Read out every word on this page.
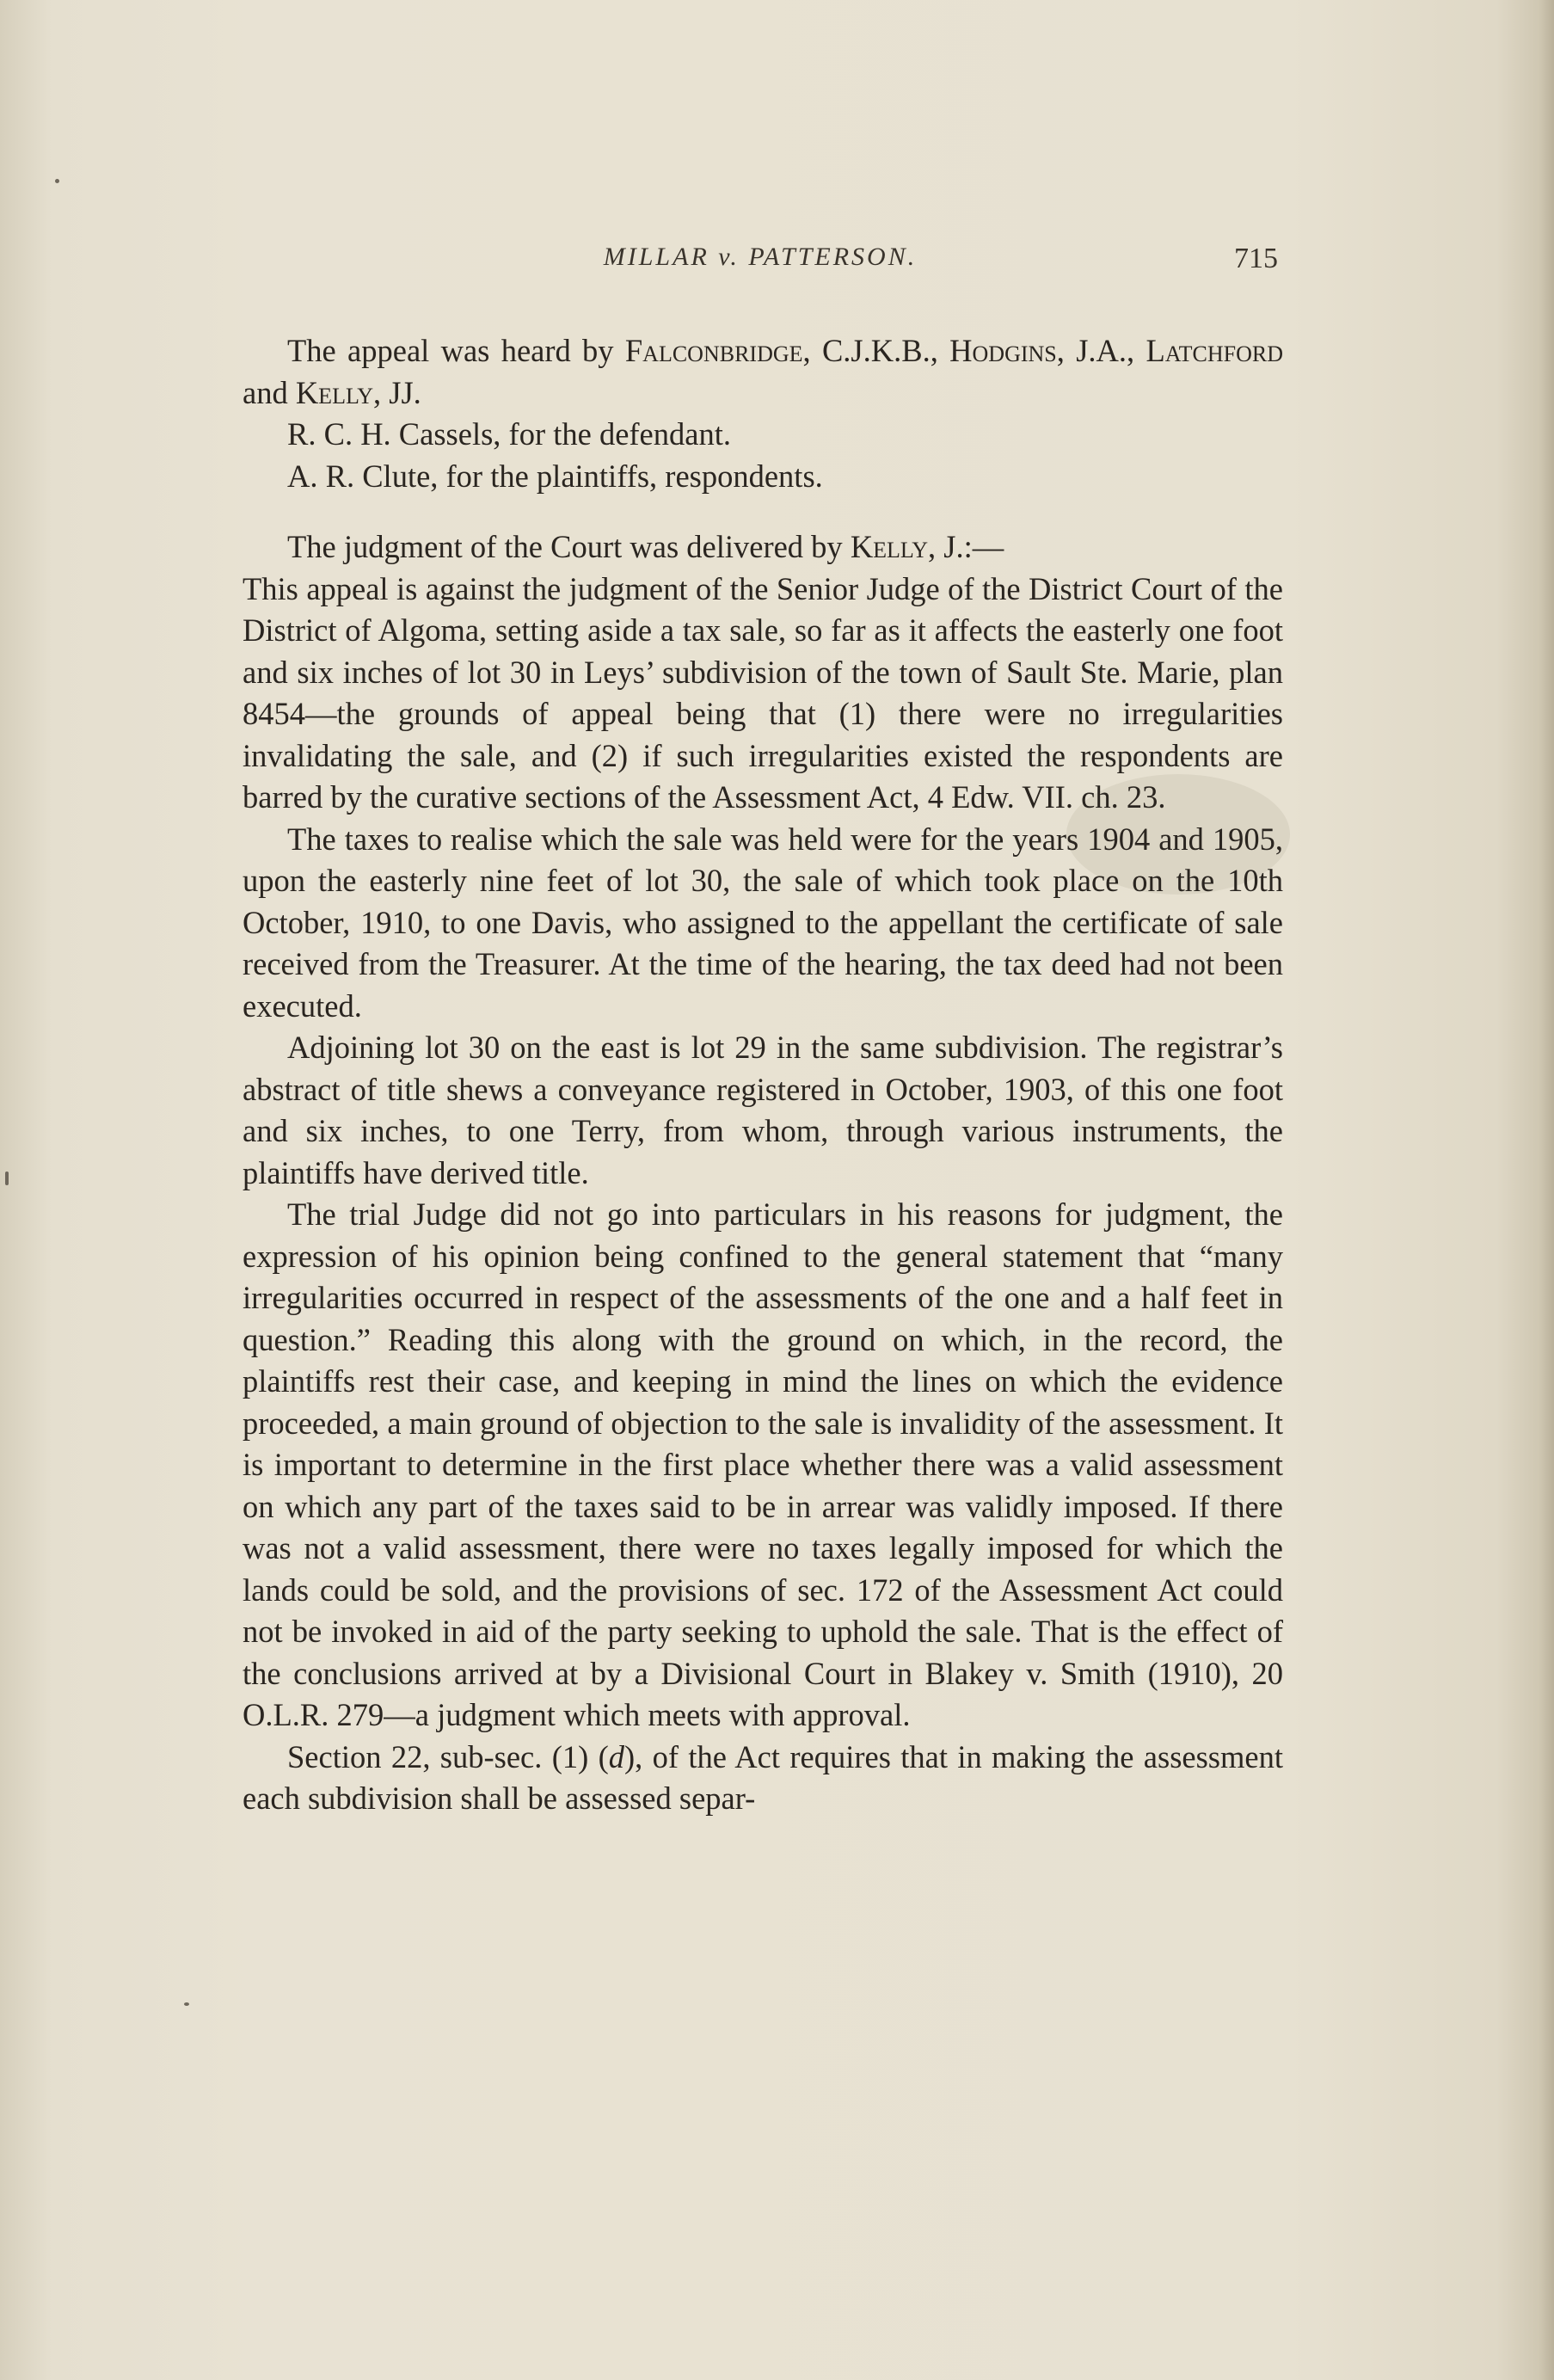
MILLAR v. PATTERSON.	715

The appeal was heard by Falconbridge, C.J.K.B., Hodgins, J.A., Latchford and Kelly, JJ.

R. C. H. Cassels, for the defendant.

A. R. Clute, for the plaintiffs, respondents.

The judgment of the Court was delivered by Kelly, J.:—

This appeal is against the judgment of the Senior Judge of the District Court of the District of Algoma, setting aside a tax sale, so far as it affects the easterly one foot and six inches of lot 30 in Leys’ subdivision of the town of Sault Ste. Marie, plan 8454—the grounds of appeal being that (1) there were no irregularities invalidating the sale, and (2) if such irregularities existed the respondents are barred by the curative sections of the Assessment Act, 4 Edw. VII. ch. 23.

The taxes to realise which the sale was held were for the years 1904 and 1905, upon the easterly nine feet of lot 30, the sale of which took place on the 10th October, 1910, to one Davis, who assigned to the appellant the certificate of sale received from the Treasurer. At the time of the hearing, the tax deed had not been executed.

Adjoining lot 30 on the east is lot 29 in the same subdivision. The registrar’s abstract of title shews a conveyance registered in October, 1903, of this one foot and six inches, to one Terry, from whom, through various instruments, the plaintiffs have derived title.

The trial Judge did not go into particulars in his reasons for judgment, the expression of his opinion being confined to the general statement that “many irregularities occurred in respect of the assessments of the one and a half feet in question.” Reading this along with the ground on which, in the record, the plaintiffs rest their case, and keeping in mind the lines on which the evidence proceeded, a main ground of objection to the sale is invalidity of the assessment. It is important to determine in the first place whether there was a valid assessment on which any part of the taxes said to be in arrear was validly imposed. If there was not a valid assessment, there were no taxes legally imposed for which the lands could be sold, and the provisions of sec. 172 of the Assessment Act could not be invoked in aid of the party seeking to uphold the sale. That is the effect of the conclusions arrived at by a Divisional Court in Blakey v. Smith (1910), 20 O.L.R. 279—a judgment which meets with approval.

Section 22, sub-sec. (1) (d), of the Act requires that in making the assessment each subdivision shall be assessed separ-
